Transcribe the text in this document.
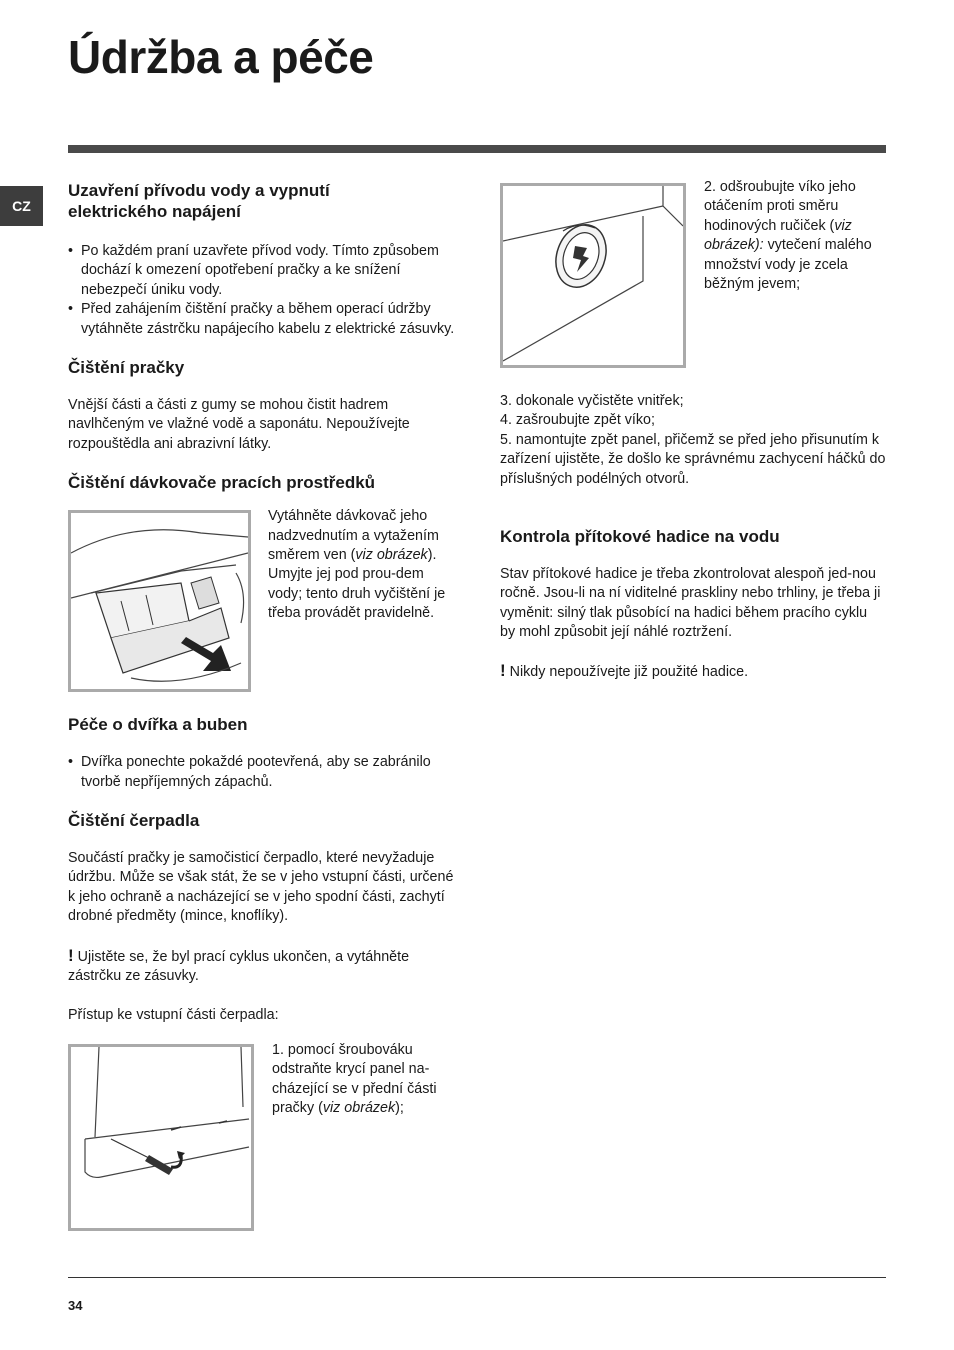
Údržba a péče
CZ
Uzavření přívodu vody a vypnutí elektrického napájení
• Po každém praní uzavřete přívod vody. Tímto způsobem dochází k omezení opotřebení pračky a ke snížení nebezpečí úniku vody.
• Před zahájením čištění pračky a během operací údržby vytáhněte zástrčku napájecího kabelu z elektrické zásuvky.
Čištění pračky

Vnější části a části z gumy se mohou čistit hadrem navlhčeným ve vlažné vodě a saponátu. Nepoužívejte rozpouštědla ani abrazivní látky.

Čištění dávkovače pracích prostředků

Vytáhněte dávkovač jeho nadzvednutím a vytažením směrem ven (viz obrázek). Umyjte jej pod prou-dem vody; tento druh vyčištění je třeba provádět pravidelně.

Péče o dvířka a buben
• Dvířka ponechte pokaždé pootevřená, aby se zabránilo tvorbě nepříjemných zápachů.
Čištění čerpadla

Součástí pračky je samočisticí čerpadlo, které nevyžaduje údržbu. Může se však stát, že se v jeho vstupní části, určené k jeho ochraně a nacházející se v jeho spodní části, zachytí drobné předměty (mince, knoflíky).

! Ujistěte se, že byl prací cyklus ukončen, a vytáhněte zástrčku ze zásuvky.

Přístup ke vstupní části čerpadla:

1. pomocí šroubováku odstraňte krycí panel na-cházející se v přední části pračky (viz obrázek);

2. odšroubujte víko jeho otáčením proti směru hodinových ručiček (viz obrázek): vytečení malého množství vody je zcela běžným jevem;

3. dokonale vyčistěte vnitřek;

4. zašroubujte zpět víko;

5. namontujte zpět panel, přičemž se před jeho přisunutím k zařízení ujistěte, že došlo ke správnému zachycení háčků do příslušných podélných otvorů.

Kontrola přítokové hadice na vodu

Stav přítokové hadice je třeba zkontrolovat alespoň jed-nou ročně. Jsou-li na ní viditelné praskliny nebo trhliny, je třeba ji vyměnit: silný tlak působící na hadici během pracího cyklu by mohl způsobit její náhlé roztržení.

! Nikdy nepoužívejte již použité hadice.

34
